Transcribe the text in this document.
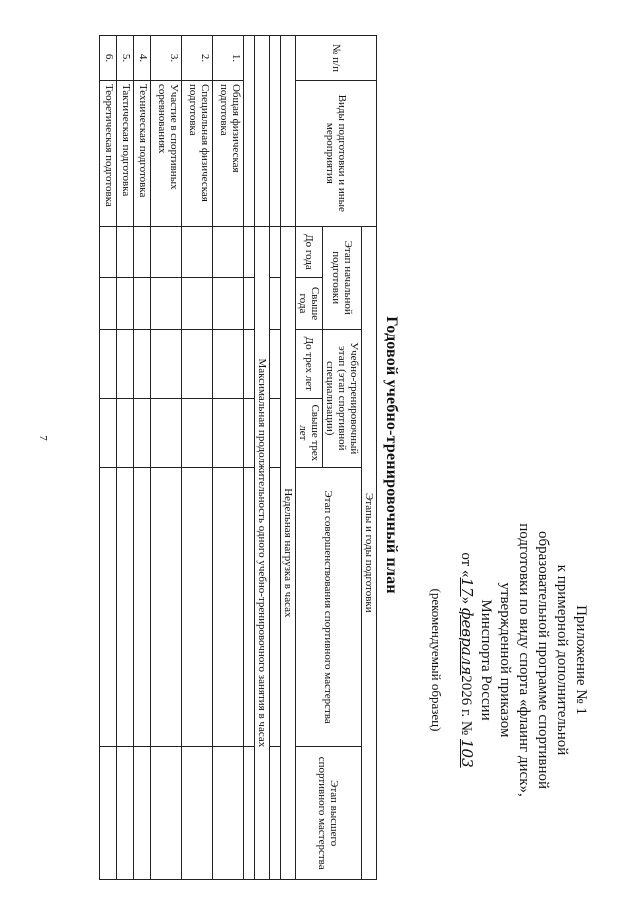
7
Приложение № 1
к примерной дополнительной
образовательной программе спортивной
подготовки по виду спорта «флаинг диск»,
утвержденной приказом
Минспорта России
от «17» февраля2026 г. № 103
(рекомендуемый образец)
Годовой учебно-тренировочный план
№ п/п	Виды подготовки и иные мероприятия	Этапы и годы подготовки					
		Этап начальной подготовки		Учебно-тренировочный этап (этап спортивной специализации)		Этап совершенствования спортивного мастерства	Этап высшего спортивного мастерства
		До года	Свыше года	До трех лет	Свыше трех лет		
		Недельная нагрузка в часах					

		Максимальная продолжительность одного учебно-тренировочного занятия в часах					

1.	Общая физическая подготовка						
2.	Специальная физическая подготовка						
3.	Участие в спортивных соревнованиях						
4.	Техническая подготовка						
5.	Тактическая подготовка						
6.	Теоретическая подготовка						
